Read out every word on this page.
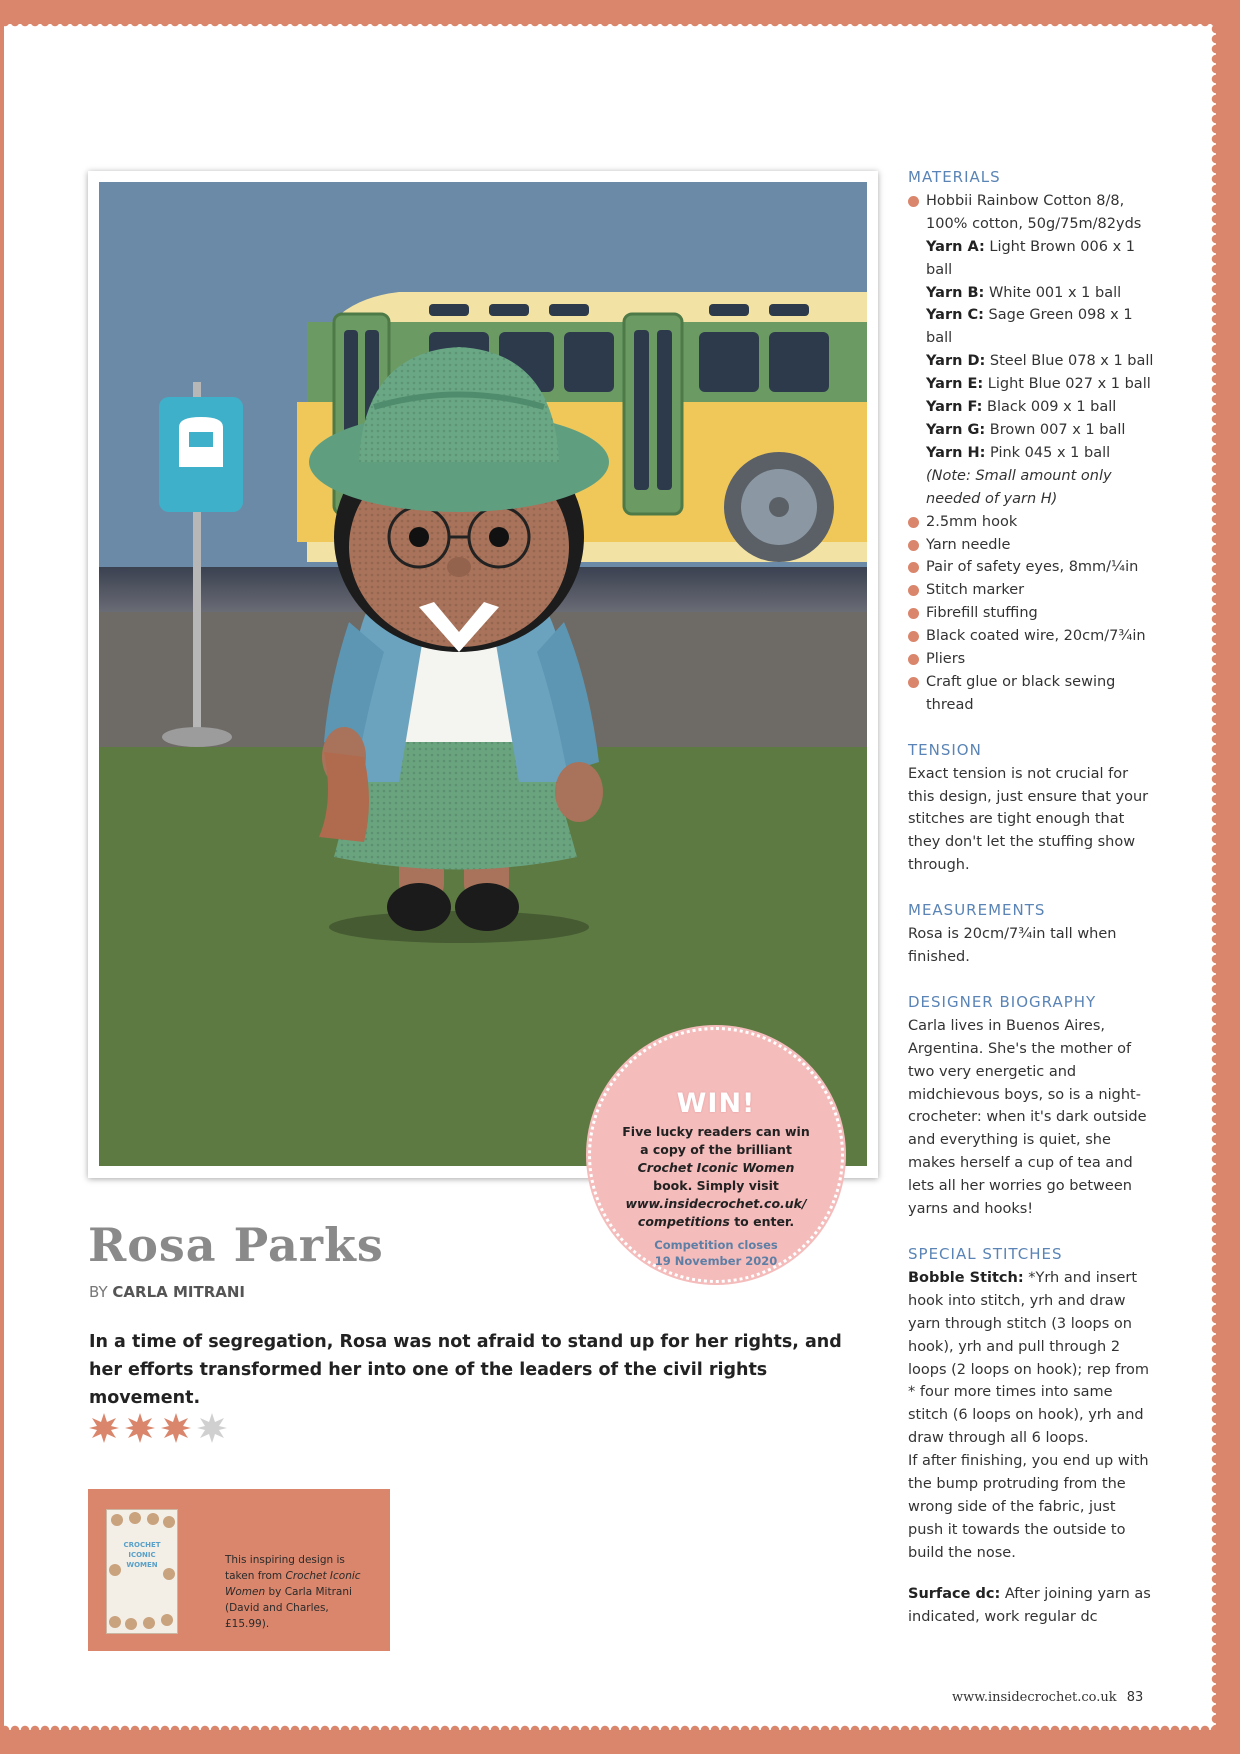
WIN!
Five lucky readers can win a copy of the brilliant Crochet Iconic Women book. Simply visit www.insidecrochet.co.uk/ competitions to enter.
Competition closes
19 November 2020
Rosa Parks
BY CARLA MITRANI
In a time of segregation, Rosa was not afraid to stand up for her rights, and her efforts transformed her into one of the leaders of the civil rights movement.
CROCHET ICONIC WOMEN	This inspiring design is taken from Crochet Iconic Women by Carla Mitrani (David and Charles, £15.99).
MATERIALS
Hobbii Rainbow Cotton 8/8, 100% cotton, 50g/75m/82yds
Yarn A: Light Brown 006 x 1 ball
Yarn B: White 001 x 1 ball
Yarn C: Sage Green 098 x 1 ball
Yarn D: Steel Blue 078 x 1 ball
Yarn E: Light Blue 027 x 1 ball
Yarn F: Black 009 x 1 ball
Yarn G: Brown 007 x 1 ball
Yarn H: Pink 045 x 1 ball
(Note: Small amount only needed of yarn H)
2.5mm hook
Yarn needle
Pair of safety eyes, 8mm/¼in
Stitch marker
Fibrefill stuffing
Black coated wire, 20cm/7¾in
Pliers
Craft glue or black sewing thread
TENSION
Exact tension is not crucial for this design, just ensure that your stitches are tight enough that they don't let the stuffing show through.
MEASUREMENTS
Rosa is 20cm/7¾in tall when finished.
DESIGNER BIOGRAPHY
Carla lives in Buenos Aires, Argentina. She's the mother of two very energetic and midchievous boys, so is a night-crocheter: when it's dark outside and everything is quiet, she makes herself a cup of tea and lets all her worries go between yarns and hooks!
SPECIAL STITCHES
Bobble Stitch: *Yrh and insert hook into stitch, yrh and draw yarn through stitch (3 loops on hook), yrh and pull through 2 loops (2 loops on hook); rep from * four more times into same stitch (6 loops on hook), yrh and draw through all 6 loops.
If after finishing, you end up with the bump protruding from the wrong side of the fabric, just push it towards the outside to build the nose.
Surface dc: After joining yarn as indicated, work regular dc
www.insidecrochet.co.uk 83
